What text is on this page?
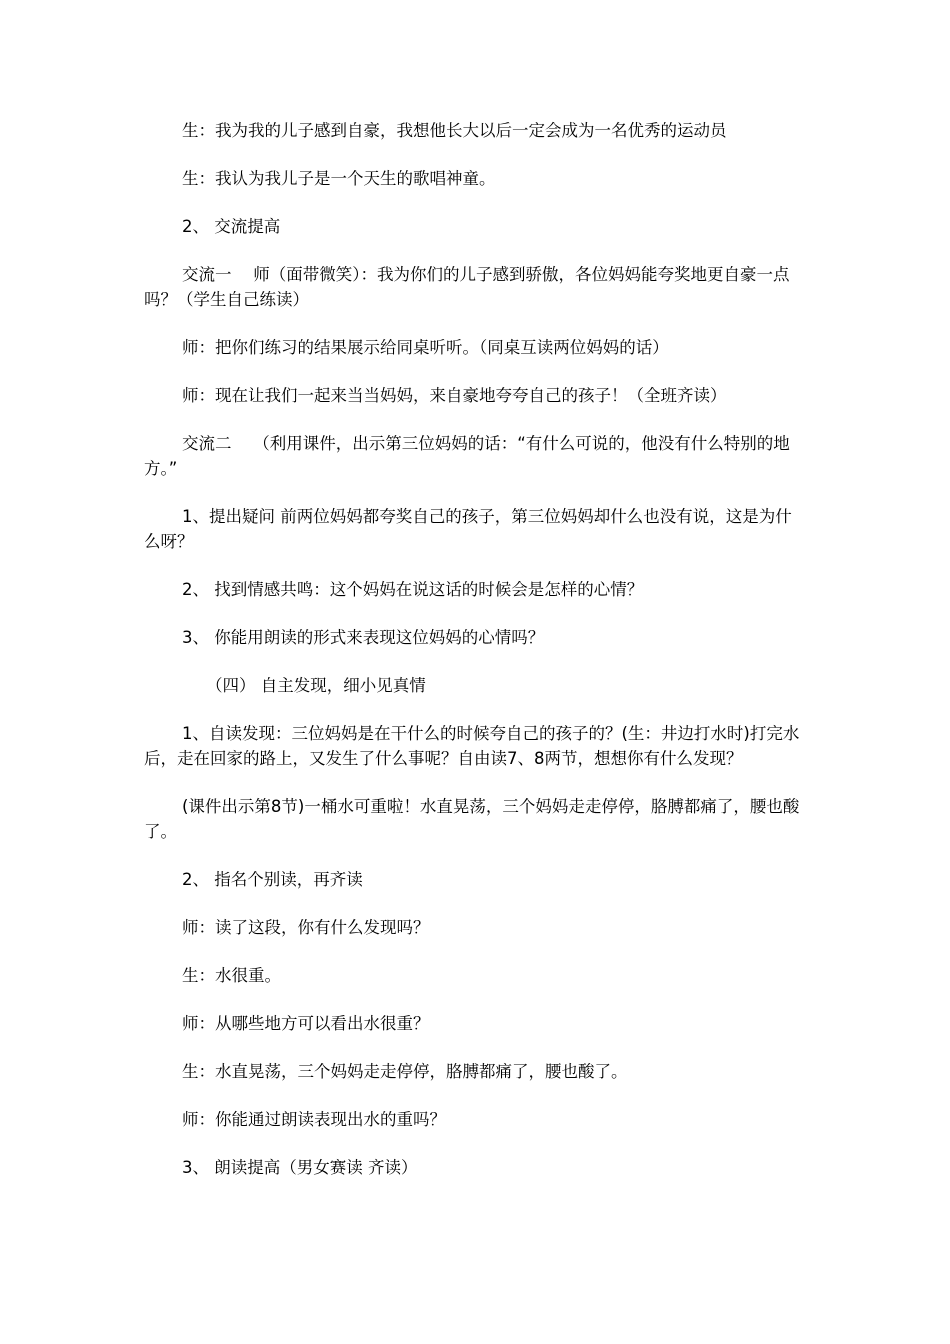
生：我为我的儿子感到自豪，我想他长大以后一定会成为一名优秀的运动员

生：我认为我儿子是一个天生的歌唱神童。

2、 交流提高

交流一　 师（面带微笑）：我为你们的儿子感到骄傲，各位妈妈能夸奖地更自豪一点吗？（学生自己练读）

师：把你们练习的结果展示给同桌听听。（同桌互读两位妈妈的话）

师：现在让我们一起来当当妈妈，来自豪地夸夸自己的孩子！（全班齐读）

交流二　 （利用课件，出示第三位妈妈的话：“有什么可说的，他没有什么特别的地方。”

1、提出疑问 前两位妈妈都夸奖自己的孩子，第三位妈妈却什么也没有说，这是为什么呀？

2、 找到情感共鸣：这个妈妈在说这话的时候会是怎样的心情？

3、 你能用朗读的形式来表现这位妈妈的心情吗？

（四） 自主发现，细小见真情

1、自读发现：三位妈妈是在干什么的时候夸自己的孩子的？(生：井边打水时)打完水后，走在回家的路上，又发生了什么事呢？自由读7、8两节，想想你有什么发现？

(课件出示第8节)一桶水可重啦！水直晃荡，三个妈妈走走停停，胳膊都痛了，腰也酸了。

2、 指名个别读，再齐读

师：读了这段，你有什么发现吗？

生：水很重。

师：从哪些地方可以看出水很重？

生：水直晃荡，三个妈妈走走停停，胳膊都痛了，腰也酸了。

师：你能通过朗读表现出水的重吗？

3、 朗读提高（男女赛读 齐读）
